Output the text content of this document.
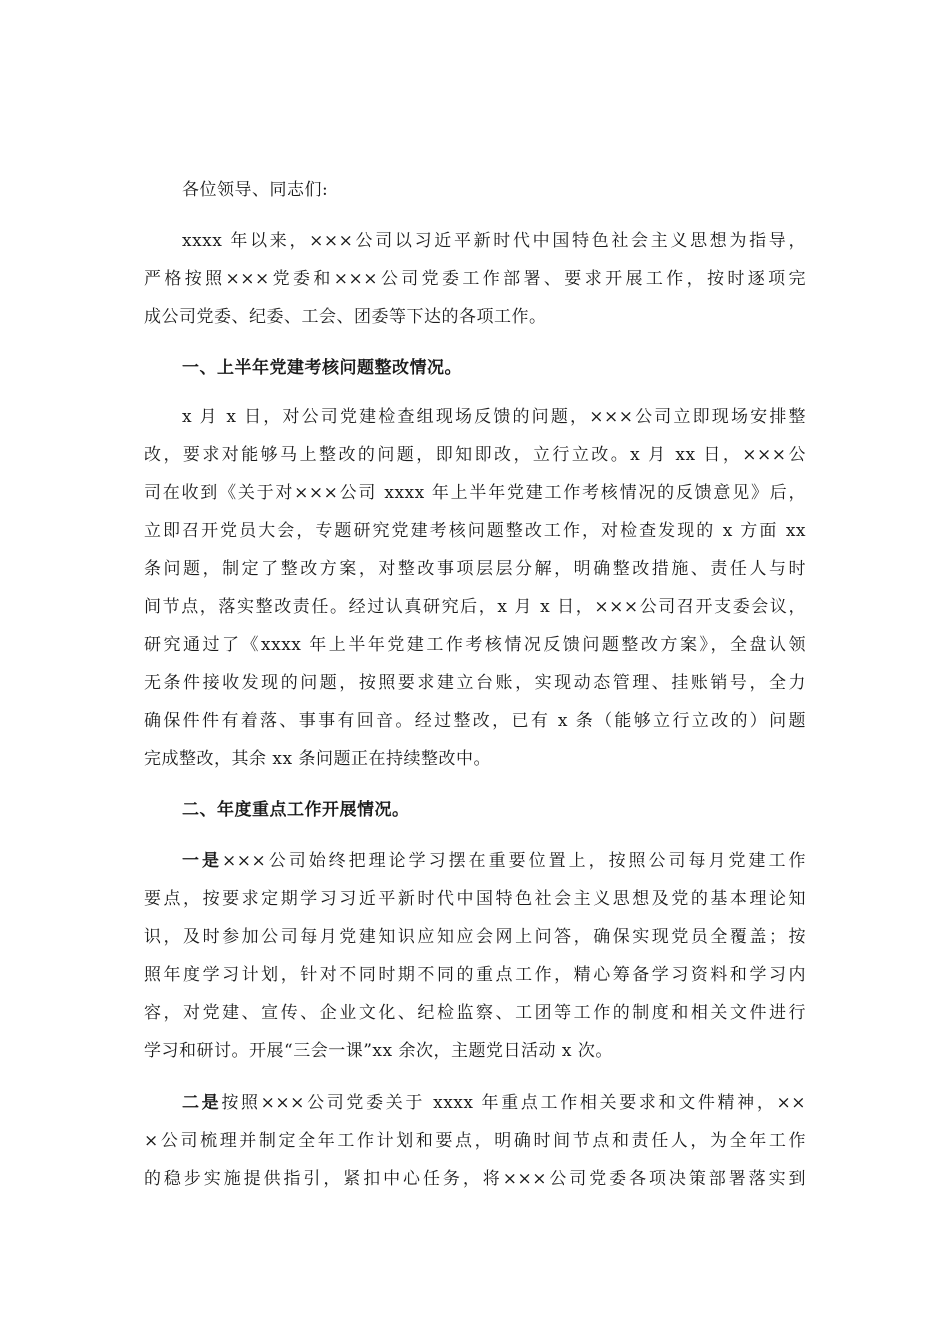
各位领导、同志们:
xxxx 年以来，×××公司以习近平新时代中国特色社会主义思想为指导，
严格按照×××党委和×××公司党委工作部署、要求开展工作，按时逐项完
成公司党委、纪委、工会、团委等下达的各项工作。
一、上半年党建考核问题整改情况。
x 月 x 日，对公司党建检查组现场反馈的问题，×××公司立即现场安排整
改，要求对能够马上整改的问题，即知即改，立行立改。x 月 xx 日，×××公
司在收到《关于对×××公司 xxxx 年上半年党建工作考核情况的反馈意见》后，
立即召开党员大会，专题研究党建考核问题整改工作，对检查发现的 x 方面 xx
条问题，制定了整改方案，对整改事项层层分解，明确整改措施、责任人与时
间节点，落实整改责任。经过认真研究后，x 月 x 日，×××公司召开支委会议，
研究通过了《xxxx 年上半年党建工作考核情况反馈问题整改方案》，全盘认领
无条件接收发现的问题，按照要求建立台账，实现动态管理、挂账销号，全力
确保件件有着落、事事有回音。经过整改，已有 x 条（能够立行立改的）问题
完成整改，其余 xx 条问题正在持续整改中。
二、年度重点工作开展情况。
一是×××公司始终把理论学习摆在重要位置上，按照公司每月党建工作
要点，按要求定期学习习近平新时代中国特色社会主义思想及党的基本理论知
识，及时参加公司每月党建知识应知应会网上问答，确保实现党员全覆盖；按
照年度学习计划，针对不同时期不同的重点工作，精心筹备学习资料和学习内
容，对党建、宣传、企业文化、纪检监察、工团等工作的制度和相关文件进行
学习和研讨。开展“三会一课”xx 余次，主题党日活动 x 次。
二是按照×××公司党委关于 xxxx 年重点工作相关要求和文件精神，××
×公司梳理并制定全年工作计划和要点，明确时间节点和责任人，为全年工作
的稳步实施提供指引，紧扣中心任务，将×××公司党委各项决策部署落实到
